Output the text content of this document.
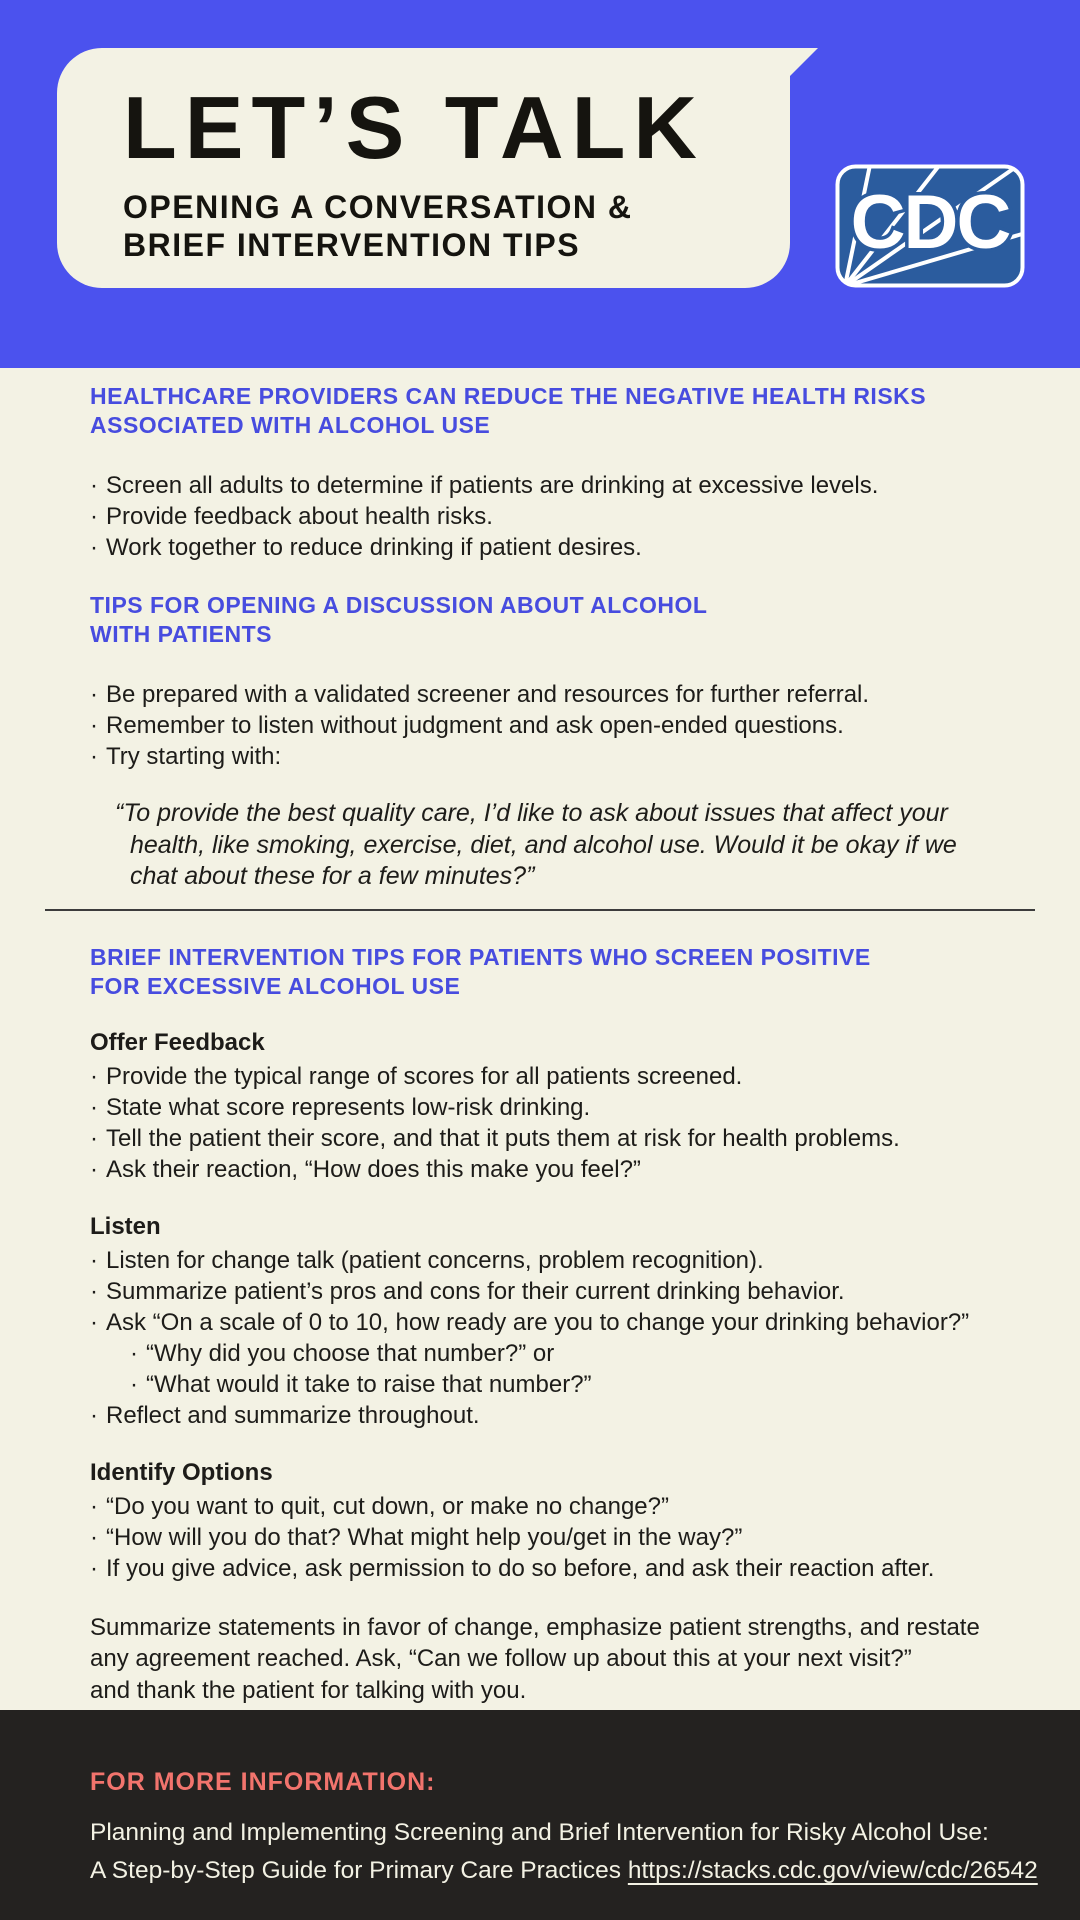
LET’S TALK
OPENING A CONVERSATION &
BRIEF INTERVENTION TIPS	CDC
HEALTHCARE PROVIDERS CAN REDUCE THE NEGATIVE HEALTH RISKS
ASSOCIATED WITH ALCOHOL USE
· Screen all adults to determine if patients are drinking at excessive levels.
· Provide feedback about health risks.
· Work together to reduce drinking if patient desires.
TIPS FOR OPENING A DISCUSSION ABOUT ALCOHOL
WITH PATIENTS
· Be prepared with a validated screener and resources for further referral.
· Remember to listen without judgment and ask open-ended questions.
· Try starting with:
“To provide the best quality care, I’d like to ask about issues that affect your
health, like smoking, exercise, diet, and alcohol use. Would it be okay if we
chat about these for a few minutes?”
BRIEF INTERVENTION TIPS FOR PATIENTS WHO SCREEN POSITIVE
FOR EXCESSIVE ALCOHOL USE
Offer Feedback
· Provide the typical range of scores for all patients screened.
· State what score represents low-risk drinking.
· Tell the patient their score, and that it puts them at risk for health problems.
· Ask their reaction, “How does this make you feel?”
Listen
· Listen for change talk (patient concerns, problem recognition).
· Summarize patient’s pros and cons for their current drinking behavior.
· Ask “On a scale of 0 to 10, how ready are you to change your drinking behavior?”
· “Why did you choose that number?” or
· “What would it take to raise that number?”
· Reflect and summarize throughout.
Identify Options
· “Do you want to quit, cut down, or make no change?”
· “How will you do that? What might help you/get in the way?”
· If you give advice, ask permission to do so before, and ask their reaction after.
Summarize statements in favor of change, emphasize patient strengths, and restate
any agreement reached. Ask, “Can we follow up about this at your next visit?”
and thank the patient for talking with you.
FOR MORE INFORMATION:
Planning and Implementing Screening and Brief Intervention for Risky Alcohol Use:
A Step-by-Step Guide for Primary Care Practices https://stacks.cdc.gov/view/cdc/26542
